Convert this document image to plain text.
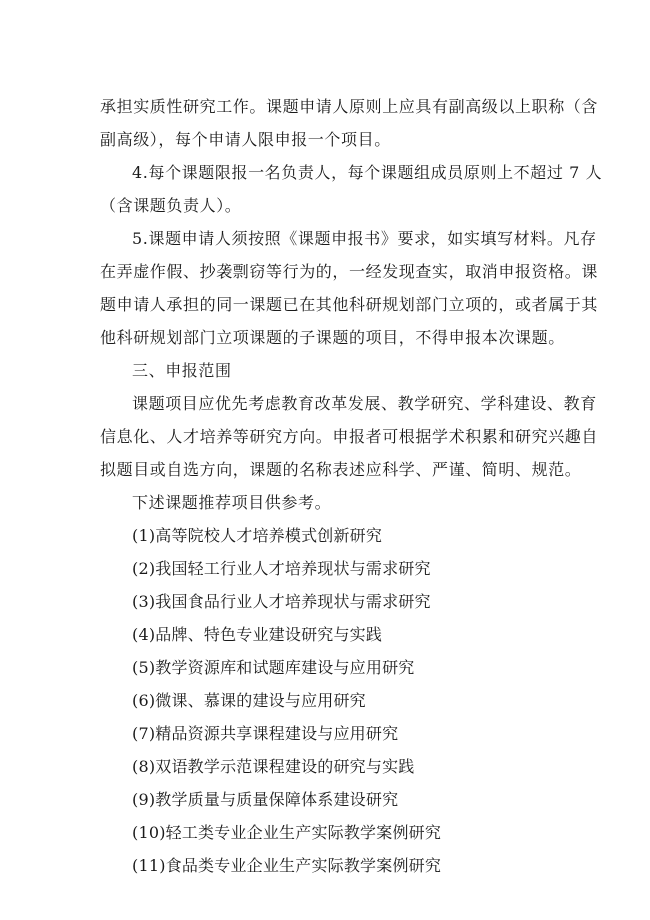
承担实质性研究工作。课题申请人原则上应具有副高级以上职称（含
副高级），每个申请人限申报一个项目。
4.每个课题限报一名负责人，每个课题组成员原则上不超过 7 人
（含课题负责人）。
5.课题申请人须按照《课题申报书》要求，如实填写材料。凡存
在弄虚作假、抄袭剽窃等行为的，一经发现查实，取消申报资格。课
题申请人承担的同一课题已在其他科研规划部门立项的，或者属于其
他科研规划部门立项课题的子课题的项目，不得申报本次课题。
三、申报范围
课题项目应优先考虑教育改革发展、教学研究、学科建设、教育
信息化、人才培养等研究方向。申报者可根据学术积累和研究兴趣自
拟题目或自选方向，课题的名称表述应科学、严谨、简明、规范。
下述课题推荐项目供参考。
(1)高等院校人才培养模式创新研究
(2)我国轻工行业人才培养现状与需求研究
(3)我国食品行业人才培养现状与需求研究
(4)品牌、特色专业建设研究与实践
(5)教学资源库和试题库建设与应用研究
(6)微课、慕课的建设与应用研究
(7)精品资源共享课程建设与应用研究
(8)双语教学示范课程建设的研究与实践
(9)教学质量与质量保障体系建设研究
(10)轻工类专业企业生产实际教学案例研究
(11)食品类专业企业生产实际教学案例研究
